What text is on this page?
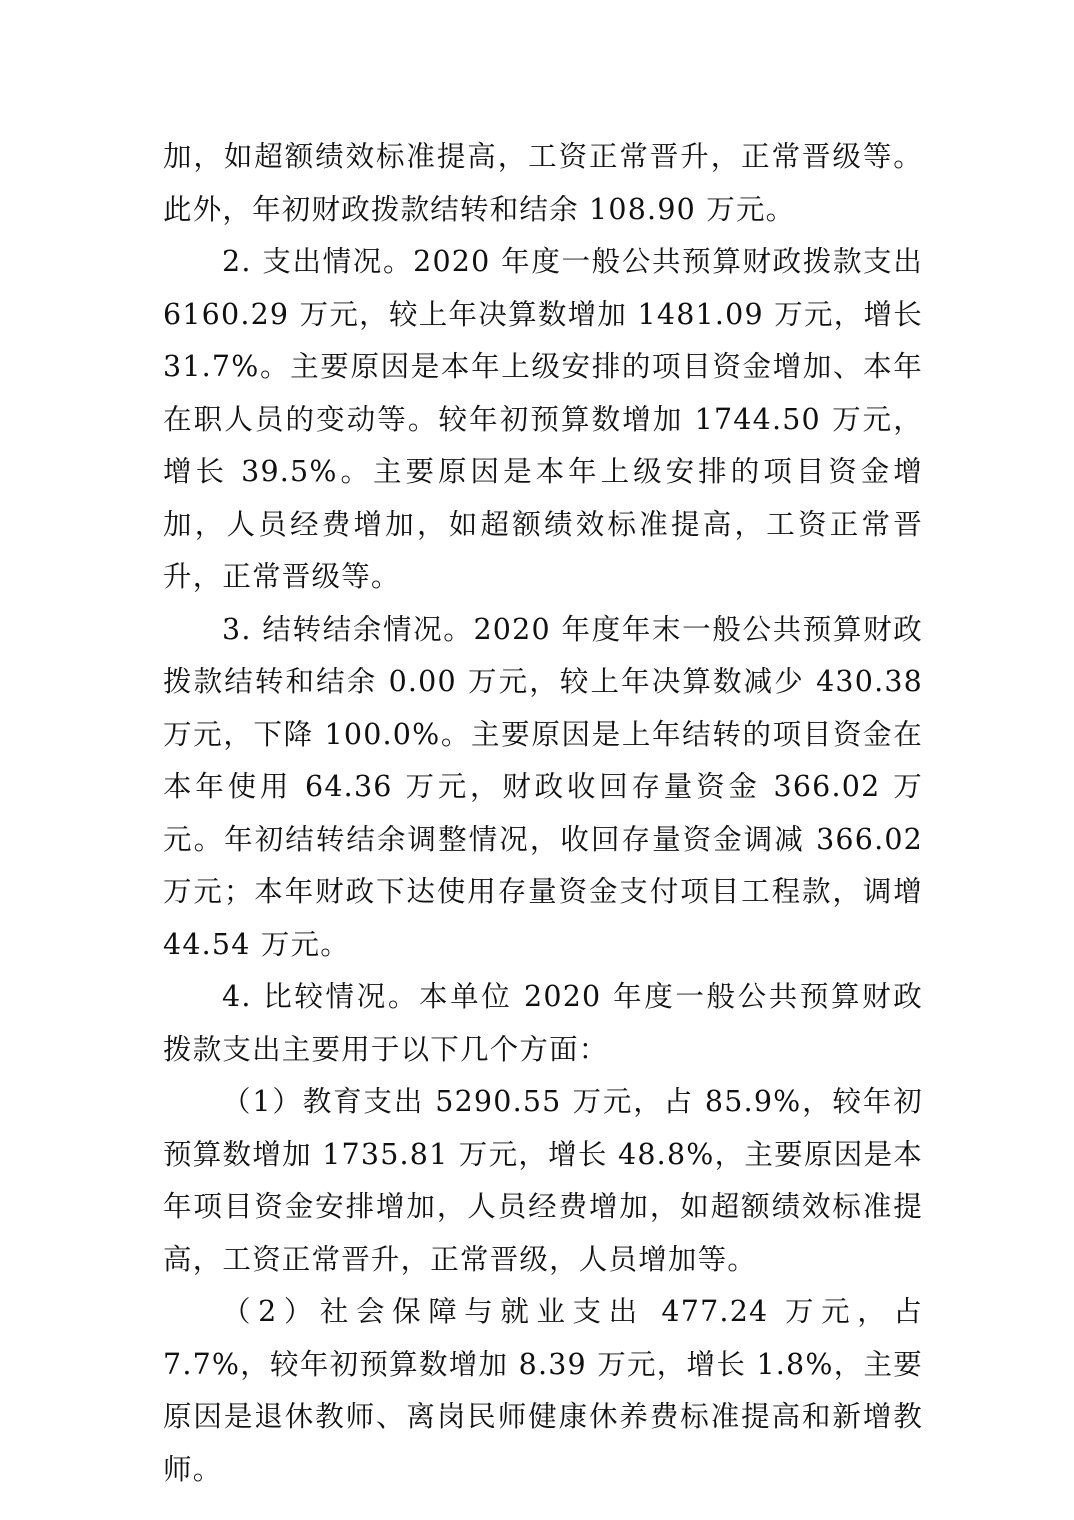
加，如超额绩效标准提高，工资正常晋升，正常晋级等。此外，年初财政拨款结转和结余 108.90 万元。

2. 支出情况。2020 年度一般公共预算财政拨款支出 6160.29 万元，较上年决算数增加 1481.09 万元，增长 31.7%。主要原因是本年上级安排的项目资金增加、本年在职人员的变动等。较年初预算数增加 1744.50 万元，增长 39.5%。主要原因是本年上级安排的项目资金增加，人员经费增加，如超额绩效标准提高，工资正常晋升，正常晋级等。

3. 结转结余情况。2020 年度年末一般公共预算财政拨款结转和结余 0.00 万元，较上年决算数减少 430.38 万元，下降 100.0%。主要原因是上年结转的项目资金在本年使用 64.36 万元，财政收回存量资金 366.02 万元。年初结转结余调整情况，收回存量资金调减 366.02 万元；本年财政下达使用存量资金支付项目工程款，调增 44.54 万元。

4. 比较情况。本单位 2020 年度一般公共预算财政拨款支出主要用于以下几个方面：

（1）教育支出 5290.55 万元，占 85.9%，较年初预算数增加 1735.81 万元，增长 48.8%，主要原因是本年项目资金安排增加，人员经费增加，如超额绩效标准提高，工资正常晋升，正常晋级，人员增加等。

（2）社会保障与就业支出 477.24 万元，占 7.7%，较年初预算数增加 8.39 万元，增长 1.8%，主要原因是退休教师、离岗民师健康休养费标准提高和新增教师。
